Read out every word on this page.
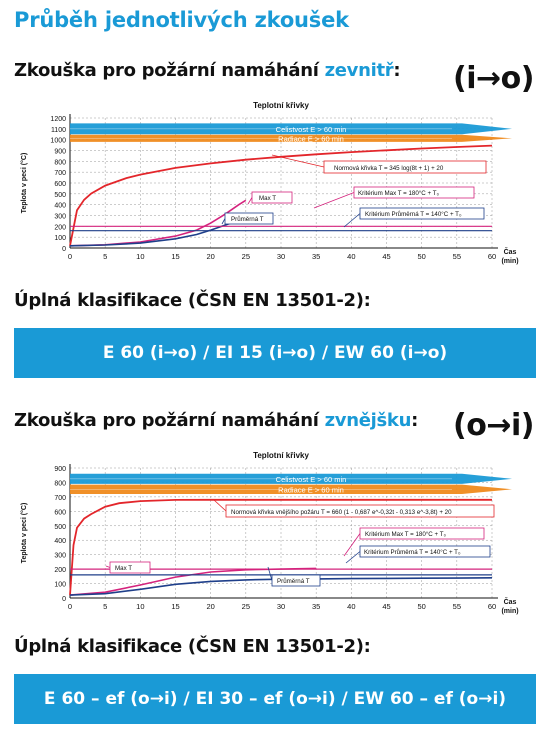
Průběh jednotlivých zkoušek
Zkouška pro požární namáhání zevnitř: (i→o)
Teplotní křivky
0
100
200
300
400
500
600
700
800
900
1000
1100
1200
0	5	10	15	20	25	30	35	40	45	50	55	60
Teplota v peci (°C)
Čas
(min)
Celistvost E > 60 min
Radiace E > 60 min
Normová křivka T = 345 log(8t + 1) + 20
Max T
Průměrná T
Kritérium Max T = 180°C + T₀
Kritérium Průměrná T = 140°C + T₀
Úplná klasifikace (ČSN EN 13501-2):
E 60 (i→o) / EI 15 (i→o) / EW 60 (i→o)
Zkouška pro požární namáhání zvnějšku: (o→i)
Teplotní křivky
0
100
200
300
400
500
600
700
800
900
0	5	10	15	20	25	30	35	40	45	50	55	60
Teplota v peci (°C)
Čas
(min)
Celistvost E > 60 min
Radiace E > 60 min
Normová křivka vnějšího požáru T = 660 (1 - 0,687 e^-0,32t - 0,313 e^-3,8t) + 20
Max T
Průměrná T
Kritérium Max T = 180°C + T₀
Kritérium Průměrná T = 140°C + T₀
Úplná klasifikace (ČSN EN 13501-2):
E 60 – ef (o→i) / EI 30 – ef (o→i) / EW 60 – ef (o→i)
